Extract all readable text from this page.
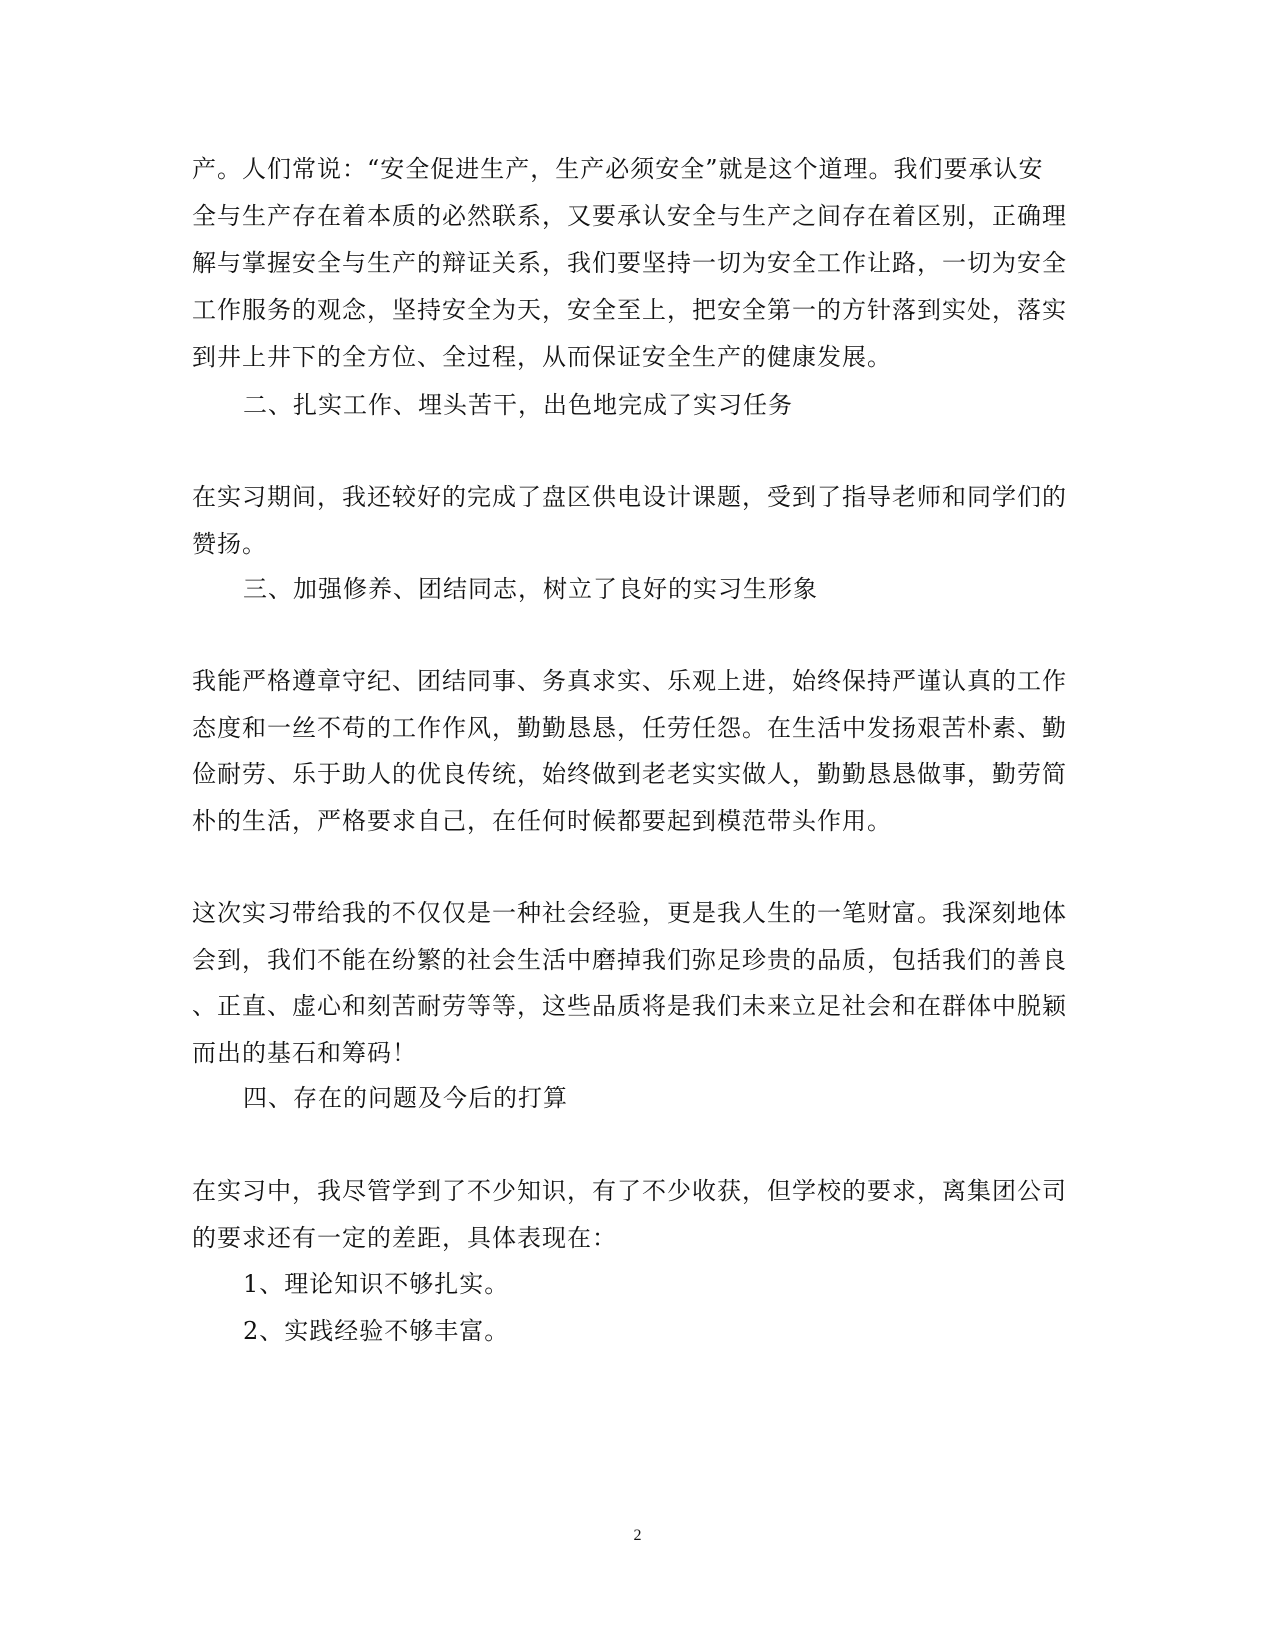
产。人们常说：“安全促进生产，生产必须安全”就是这个道理。我们要承认安
全与生产存在着本质的必然联系，又要承认安全与生产之间存在着区别，正确理
解与掌握安全与生产的辩证关系，我们要坚持一切为安全工作让路，一切为安全
工作服务的观念，坚持安全为天，安全至上，把安全第一的方针落到实处，落实
到井上井下的全方位、全过程，从而保证安全生产的健康发展。
二、扎实工作、埋头苦干，出色地完成了实习任务
在实习期间，我还较好的完成了盘区供电设计课题，受到了指导老师和同学们的
赞扬。
三、加强修养、团结同志，树立了良好的实习生形象
我能严格遵章守纪、团结同事、务真求实、乐观上进，始终保持严谨认真的工作
态度和一丝不苟的工作作风，勤勤恳恳，任劳任怨。在生活中发扬艰苦朴素、勤
俭耐劳、乐于助人的优良传统，始终做到老老实实做人，勤勤恳恳做事，勤劳简
朴的生活，严格要求自己，在任何时候都要起到模范带头作用。
这次实习带给我的不仅仅是一种社会经验，更是我人生的一笔财富。我深刻地体
会到，我们不能在纷繁的社会生活中磨掉我们弥足珍贵的品质，包括我们的善良
、正直、虚心和刻苦耐劳等等，这些品质将是我们未来立足社会和在群体中脱颖
而出的基石和筹码！
四、存在的问题及今后的打算
在实习中，我尽管学到了不少知识，有了不少收获，但学校的要求，离集团公司
的要求还有一定的差距，具体表现在：
1、理论知识不够扎实。
2、实践经验不够丰富。
2
